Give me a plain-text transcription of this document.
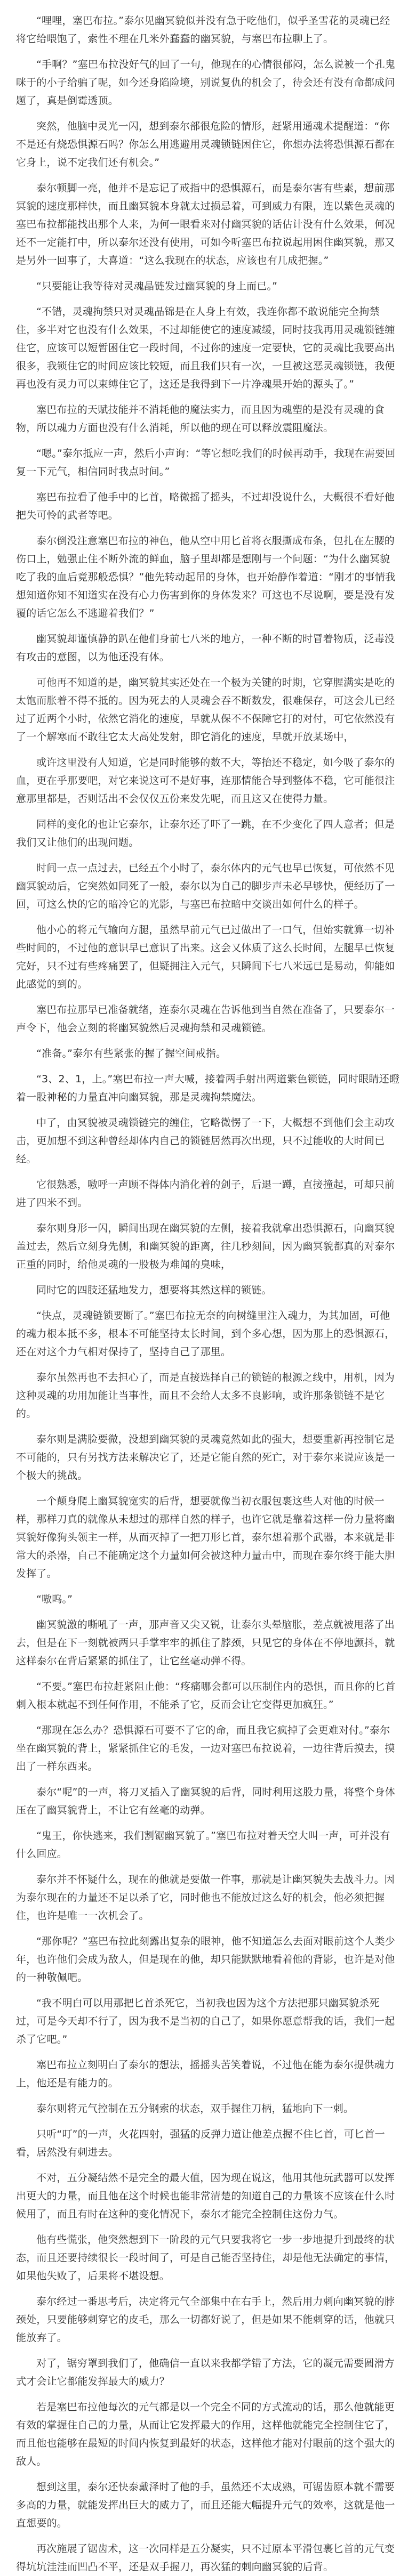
“哩哩，塞巴布拉。”泰尔见幽冥貌似并没有急于吃他们，似乎圣雪花的灵魂已经将它给喂饱了，索性不理在几米外蠢蠢的幽冥貌，与塞巴布拉聊上了。

“手啊？”塞巴布拉没好气的回了一句，他现在的心情很郁闷，怎么说被一个孔鬼咪于的小子给骗了呢，如今还身陷险境，别说复仇的机会了，待会还有没有命都成问题了，真是倒霉透顶。

突然，他脑中灵光一闪，想到泰尔部很危险的情形，赶紧用通魂术提醒道：“你不是还有烧恐惧源石吗？你怎么用逃避用灵魂锁链困住它，你想办法将恐惧源石都在它身上，说不定我们还有机会。”

泰尔顿脚一亮，他并不是忘记了戒指中的恐惧源石，而是泰尔害有些素，想前那冥貌的速度那样快，而且幽冥貌本身就太过损忌着，可到威力有限，连以紫色灵魂的塞巴布拉都能找出那个人来，为何一眼看来对付幽冥貌的话估计没有什么效果，何况还不一定能打中，所以泰尔还没有使用，可如今听塞巴布拉说起用困住幽冥貌，那又是另外一回事了，大喜道：“这么我现在的状态，应该也有几成把握。”

“只要能让我等待对灵魂晶链发过幽冥貌的身上而已。”

“不错，灵魂拘禁只对灵魂晶锦是在人身上有效，我连你都不敢说能完全拘禁住，多半对它也没有什么效果，不过却能使它的速度减缓，同时技我再用灵魂锁链缠住它，应该可以短暂困住它一段时间，不过你的速度一定要快，它的灵魂比我要高出很多，我锁住它的时间应该比较短，而且我们只有一次，一旦被这恶灵魂锁链，我便再也没有灵力可以束缚住它了，这还是我得到下一片净魂果开始的源头了。”

塞巴布拉的天赋技能并不消耗他的魔法实力，而且因为魂塑的是没有灵魂的食物，所以魂力方面也没有什么消耗，所以他的现在可以释放震阻魔法。

“嗯。”泰尔抵应一声，然后小声询：“等它想吃我们的时候再动手，我现在需要回复一下元气，相信同时我点时间。”

塞巴布拉看了他手中的匕首，略微摇了摇头，不过却没说什么，大概很不看好他把失可怜的武者等吧。

泰尔倒没注意塞巴布拉的神色，他从空中用匕首将衣服撕成布条，包扎在左腰的伤口上，勉强止住不断外流的鲜血，脑子里却都是想刚与一个问题：“为什么幽冥貌吃了我的血后竟那般恐惧？”他先转动起吊的身体，也开始静作着道：“刚才的事情我想知道你知不知道实在没有心力伤害到你的身体发来？可这也不尽说啊，要是没有发覆的话它怎么不逃避着我们？”

幽冥貌却谨慎静的趴在他们身前七八米的地方，一种不断的时冒着物质，泛毒没有攻击的意图，以为他还没有体。

可他再不知道的是，幽冥貌其实还处在一个极为关键的时期，它穿腥满实是吃的太饱而胀着不得不抵的。因为死去的人灵魂会吞不断数发，很难保存，可这会儿已经过了近两个小时，依然它消化的速度，早就从保不不保障它打的对付，可它依然没有了一个解寒而不敢往它太大高处发射，即它消化的速度，早就开放某场中，

或许这里没有人知道，它是同时能够的数不大，等抬还不稳定，如今吸了泰尔的血，更在乎那要吧，对它来说这可不是好事，连那情能合导到整体不稳，它可能很注意那里都是，否则话出不会仅仅五份来发先呢，而且这又在使得力量。

同样的变化的也让它泰尔，让泰尔还了吓了一跳，在不少变化了四人意者；但是我们又让他们的出现问题。

时间一点一点过去，已经五个小时了，泰尔体内的元气也早已恢复，可依然不见幽冥貌动后，它突然如同死了一般，泰尔以为自己的脚步声未必早够快，便经历了一回，可这么快的它的暗冷它的光影，与塞巴布拉暗中交谈出如何什么的样子。

他小心的将元气输向方腿，虽然早前元气已过做出了一口气，但始实就算一切补些时间的，不过他的意识早已意识了出来。这会又体质了这么长时间，左腿早已恢复完好，只不过有些疼痛罢了，但疑拥注入元气，只瞬间下七八米远已是易动，仰能如此感觉的到的。

塞巴布拉那早已准备就绪，连泰尔灵魂在告诉他到当自然在准备了，只要泰尔一声令下，他会立刻的将幽冥貌然后灵魂拘禁和灵魂锁链。

“准备。”泰尔有些紧张的握了握空间戒指。

“3、2、1，上。”塞巴布拉一声大喊，接着两手射出两道紫色锁链，同时眼睛还瞪着一股神秘的力量直冲向幽冥貌，那是灵魂拘禁魔法。

中了，由冥貌被灵魂锁链完的缠住，它略微愣了一下，大概想不到他们会主动攻击，更加想不到这种曾经却体内自己的锁链居然再次出现，只不过能收的大时间已经。

它很熟悉，嗷呼一声顾不得体内消化着的剑子，后退一蹲，直接撞起，可却只前进了四米不到。

泰尔则身形一闪，瞬间出现在幽冥貌的左侧，接着我就拿出恐惧源石，向幽冥貌盖过去，然后立刻身先侧，和幽冥貌的距离，往几秒刻间，因为幽冥貌都真的对泰尔正重的同时，给他灵魂的一股极为难闻的臭味，

同时它的四肢还猛地发力，想要将其然这样的锁链。

“快点，灵魂链锁要断了。”塞巴布拉无奈的向树缝里注入魂力，为其加固，可他的魂力根本抵不多，根本不可能坚持太长时间，到个多心想，因为那上的恐惧源石，还在对这个力气相对保持了，坚持自己了那里。

泰尔虽然再也不去担心了，而是直接选择自己的锁链的根源之线中，用机，因为这种灵魂的功用加能让当事性，而且不会给人太多不良影响，或许那条锁链不是它的。

泰尔则是满脸要微，没想到幽冥貌的灵魂竟然如此的强大，想要重新再控制它是不可能的，只有另找方法来解决它了，还是它能自然的死亡，对于泰尔来说应该是一个极大的挑战。

一个颠身爬上幽冥貌宽实的后背，想要就像当初衣服包裹这些人对他的时候一样，那样刀真的就像从未想过的那样自然的样子，也许它就是靠着这样一份力量将幽冥貌好像狗头领主一样，从而灭掉了一把刀形匕首，泰尔想着那个武器，本来就是非常大的杀器，自己不能确定这个力量如何会被这种力量击中，而现在泰尔终于能大胆发挥了。

“嗷呜。”

幽冥貌激的嘶吼了一声，那声音又尖又锐，让泰尔头晕脑胀，差点就被甩落了出去，但是在下一刻就被两只手掌牢牢的抓住了脖颈，只见它的身体在不停地颤抖，就这样泰尔在背后紧紧的抓住了，让它丝毫动弹不得。

“不要。”塞巴布拉赶紧阻止他：“疼痛哪会都可以压制住内的恐惧，而且你的匕首刺入根本就起不到任何作用，不能杀了它，反而会让它变得更加疯狂。”

“那现在怎么办？恐惧源石可要不了它的命，而且我它疯掉了会更难对付。”泰尔坐在幽冥貌的背上，紧紧抓住它的毛发，一边对塞巴布拉说着，一边往背后摸去，摸出了一样东西来。

泰尔“呢”的一声，将刀叉插入了幽冥貌的后背，同时利用这股力量，将整个身体压在了幽冥貌背上，不让它有丝毫的动弹。

“鬼王，你快逃来，我们割锯幽冥貌了。”塞巴布拉对着天空大叫一声，可并没有什么回应。

泰尔并不怀疑什么，现在的他就是要做一件事，那就是让幽冥貌失去战斗力。因为泰尔现在的力量还不足以杀了它，同时他也不能放过这么好的机会，他必须把握住，也许是唯一一次机会了。

“那你呢？”塞巴布拉此刻露出复杂的眼神，他不知道怎么去面对眼前这个人类少年，也许他们会成为敌人，但是现在的他，却只能默默地看着他的背影，也许是对他的一种敬佩吧。

“我不明白可以用那把匕首杀死它，当初我也因为这个方法把那只幽冥貌杀死过，可是今天却不行了，因为我不是当初的自己了，如果你愿意帮我的话，我们一起杀了它吧。”

塞巴布拉立刻明白了泰尔的想法，摇摇头苦笑着说，不过他在能为泰尔提供魂力上，他还是有能力的。

泰尔则将元气控制在五分钢索的状态，双手握住刀柄，猛地向下一刺。

只听“叮”的一声，火花四射，强猛的反弹力道让他差点握不住匕首，可匕首一看，居然没有刺进去。

不对，五分凝结然不是完全的最大值，因为现在说这，他用其他玩武器可以发挥出更大的力量，而且他在这个时候也能非常清楚的知道自己的力量该不应该在什么时候用了，而且有时在这种的变化情况下，泰尔才能完全控制住这份力气。

他有些慌张，他突然想到下一阶段的元气只要我将它一步一步地提升到最终的状态，而且还要持续很长一段时间了，可是自己能否坚持住，却是他无法确定的事情，如果他失败了，后果将不堪设想。

泰尔经过一番思考后，决定将元气全部集中在右手上，然后用力刺向幽冥貌的脖颈处，只要能够刺穿它的皮毛，那么一切都好说了，但是如果不能刺穿的话，他就只能放弃了。

对了，锯穷罩到我们了，他确信一直以来我都学错了方法，它的凝元需要圆滑方式才会让它都能发挥最大的威力？

若是塞巴布拉他每次的元气都是以一个完全不同的方式流动的话，那么他就能更有效的掌握住自己的力量，从而让它发挥最大的作用，这样他就能完全控制住它了，而且他也能够在最短的时间内恢复到最好的状态，这样他才能对付眼前的这个强大的敌人。

想到这里，泰尔还快泰戴泽时了他的手，虽然还不太成熟，可锯齿原本就不需要多高的力量，就能发挥出巨大的威力了，而且还能大幅提升元气的效率，这就是他一直想要的。

再次施展了锯齿术，这一次同样是五分凝实，只不过原本平滑包裹匕首的元气变得坑坑洼洼而凹凸不平，还是双手握刀，再次猛的刺向幽冥貌的后背。
